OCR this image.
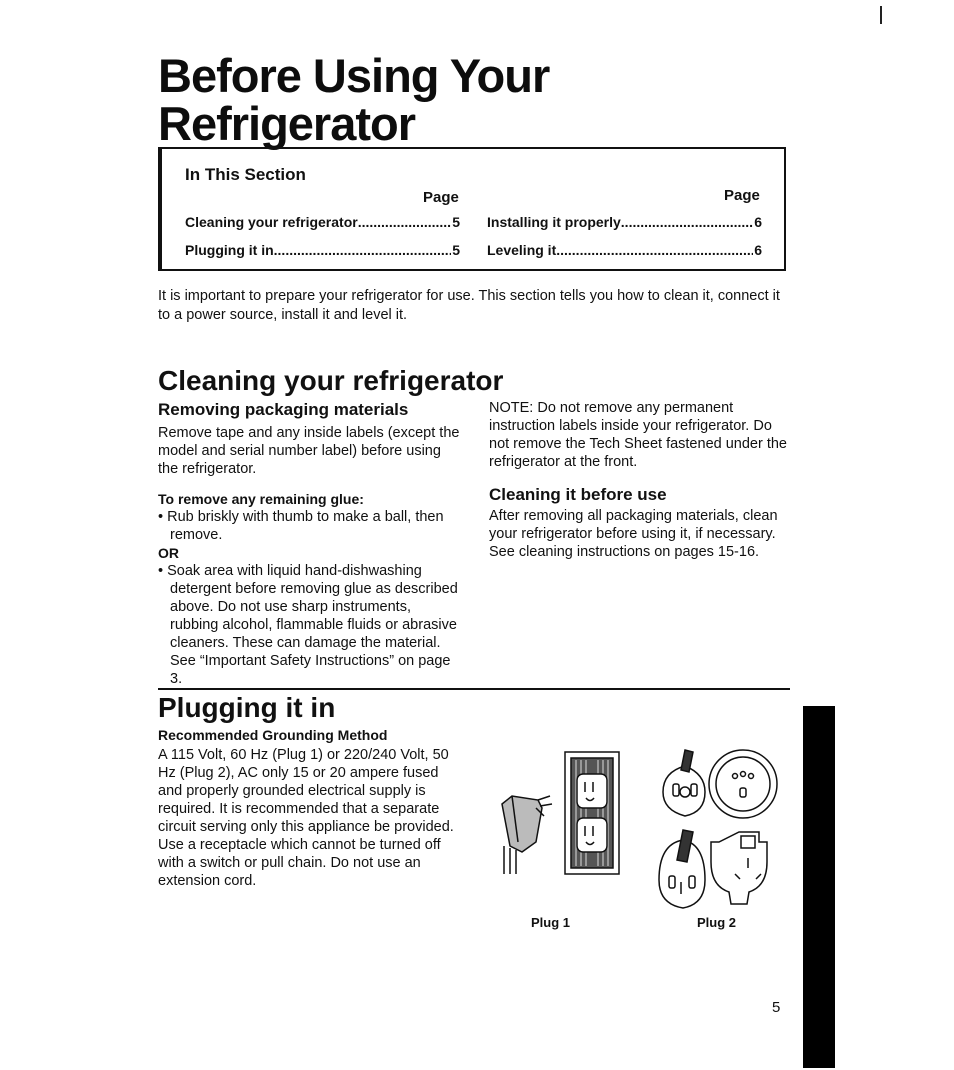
Before Using Your
Refrigerator
In This Section
Page	Page
Cleaning your refrigerator .....	5
Plugging it in .....	5
Installing it properly .....	6
Leveling it .....	6
It is important to prepare your refrigerator for use. This section tells you how to clean it, connect it to a power source, install it and level it.
Cleaning your refrigerator
Removing packaging materials
Remove tape and any inside labels (except the model and serial number label) before using the refrigerator.
To remove any remaining glue:
• Rub briskly with thumb to make a ball, then remove.
OR
• Soak area with liquid hand-dishwashing detergent before removing glue as described above. Do not use sharp instruments, rubbing alcohol, flammable fluids or abrasive cleaners. These can damage the material. See “Important Safety Instructions” on page 3.
NOTE: Do not remove any permanent instruction labels inside your refrigerator. Do not remove the Tech Sheet fastened under the refrigerator at the front.
Cleaning it before use
After removing all packaging materials, clean your refrigerator before using it, if necessary. See cleaning instructions on pages 15-16.
Plugging it in
Recommended Grounding Method
A 115 Volt, 60 Hz (Plug 1) or 220/240 Volt, 50 Hz (Plug 2), AC only 15 or 20 ampere fused and properly grounded electrical supply is required. It is recommended that a separate circuit serving only this appliance be provided. Use a receptacle which cannot be turned off with a switch or pull chain. Do not use an extension cord.
Plug 1	Plug 2
5
